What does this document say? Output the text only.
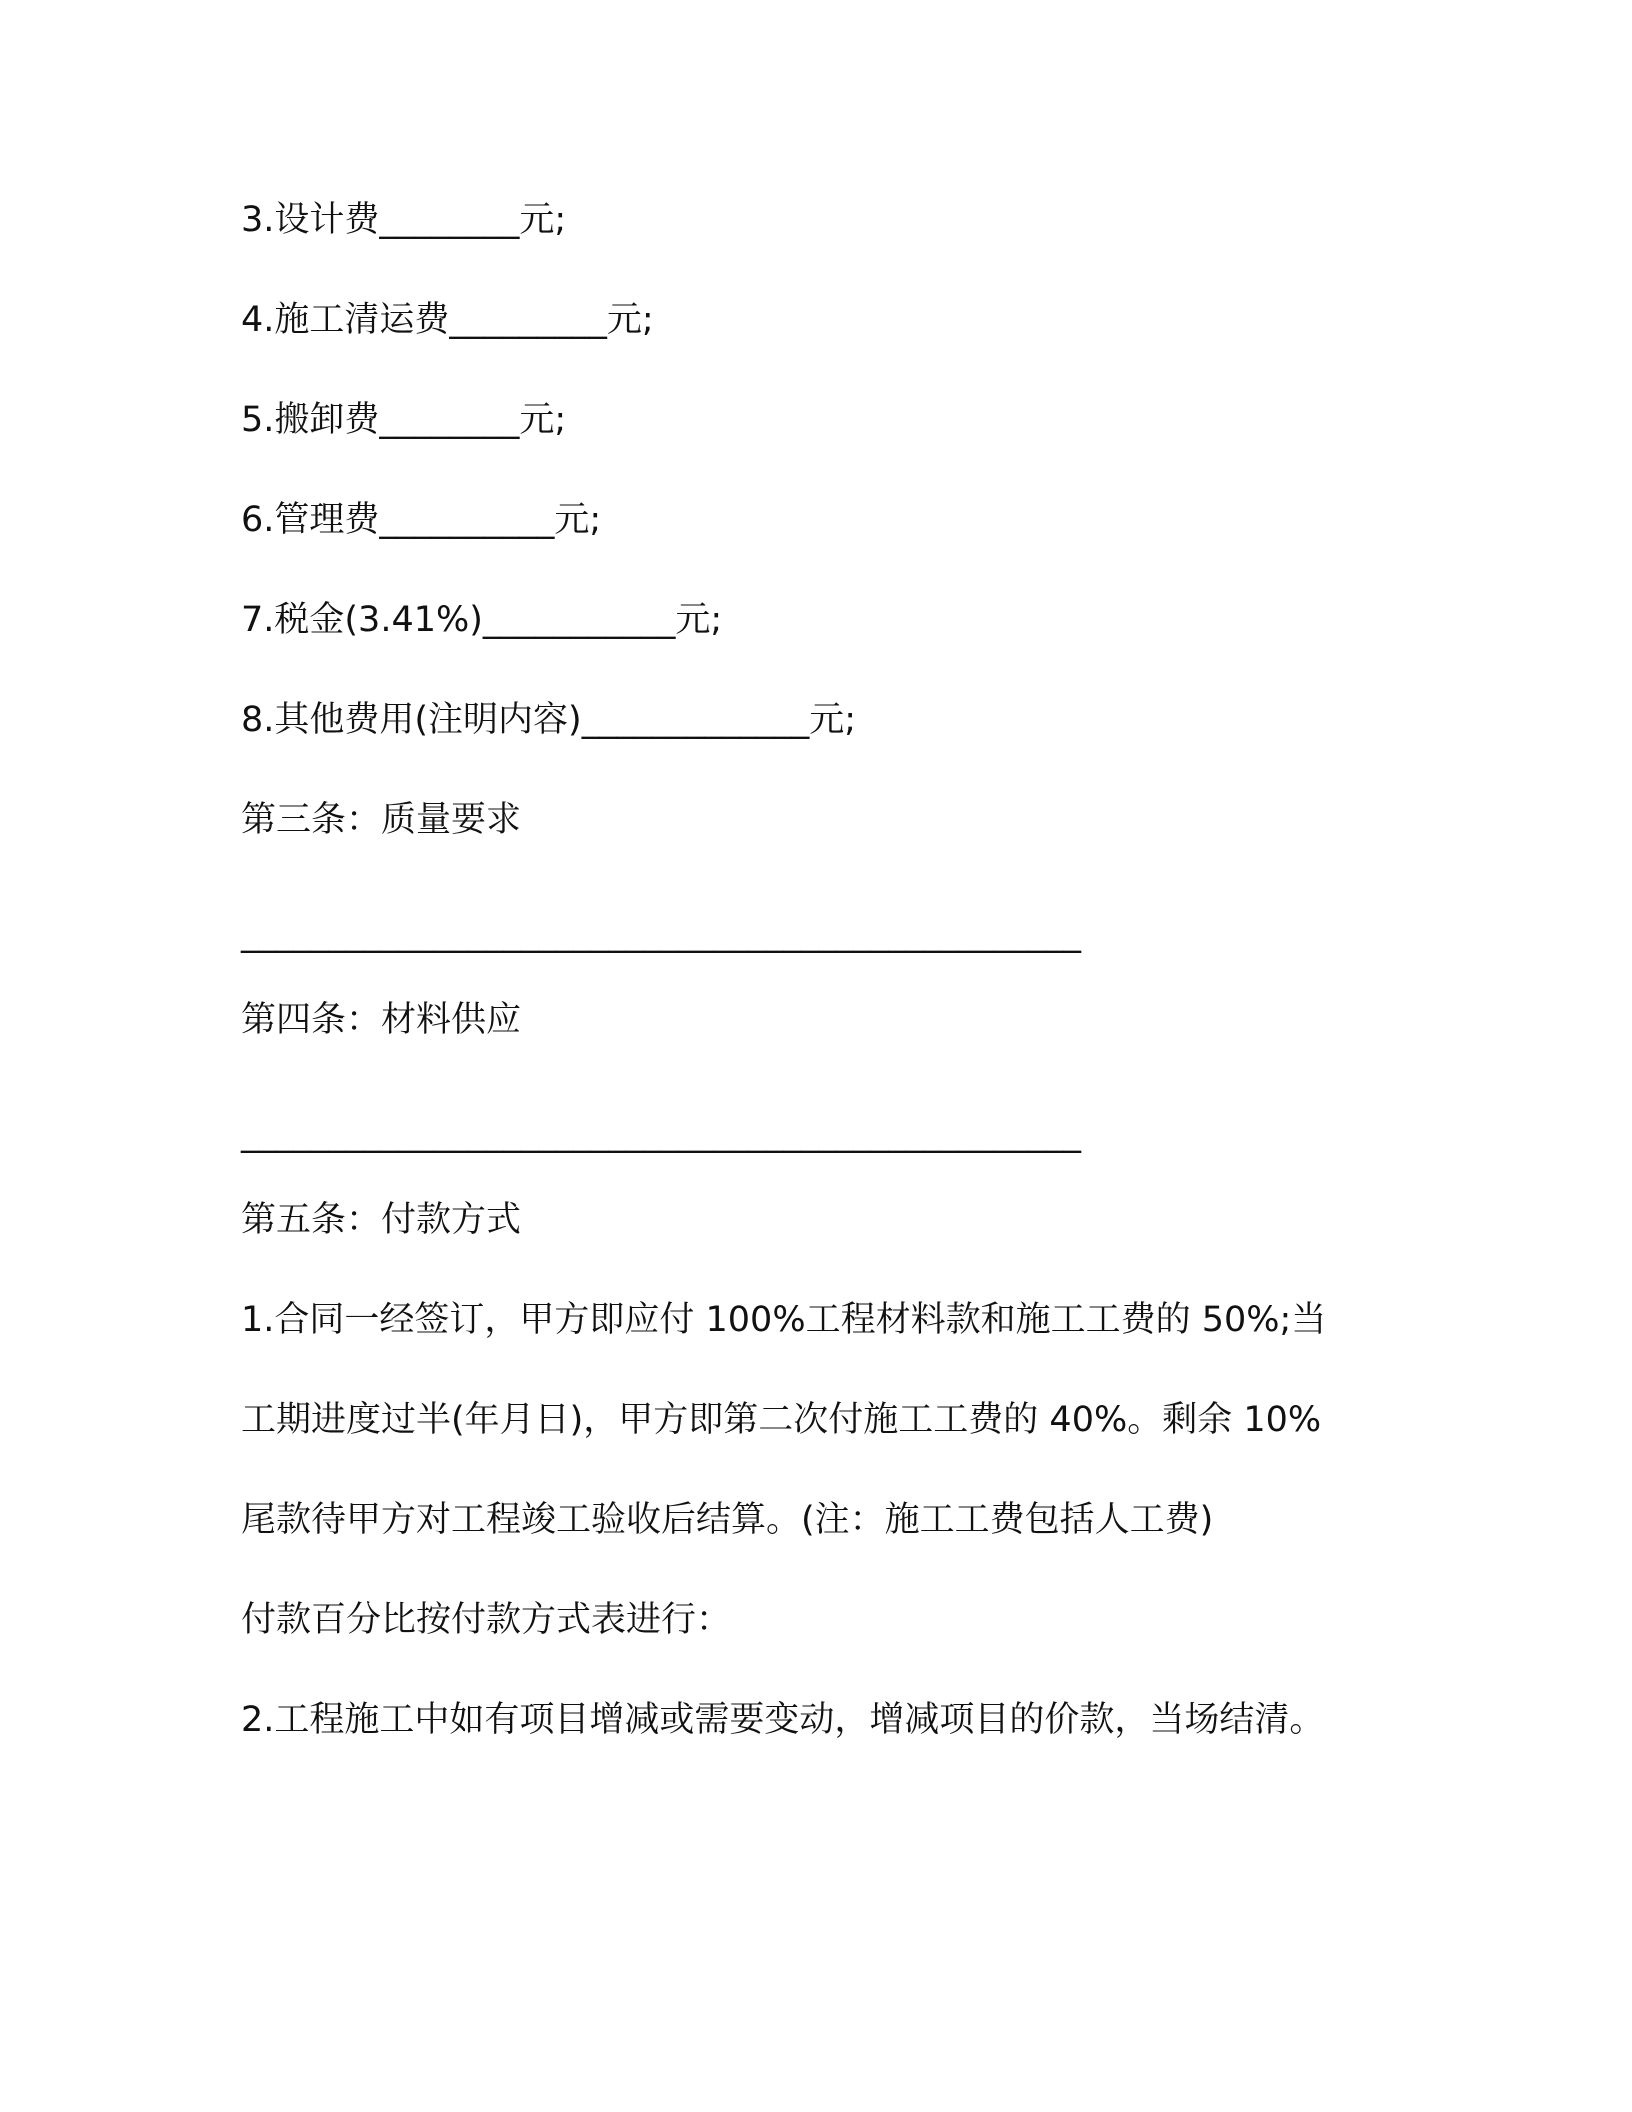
3.设计费________元;
4.施工清运费_________元;
5.搬卸费________元;
6.管理费__________元;
7.税金(3.41%)___________元;
8.其他费用(注明内容)_____________元;
第三条：质量要求
________________________________________________
第四条：材料供应
________________________________________________
第五条：付款方式
1.合同一经签订，甲方即应付 100%工程材料款和施工工费的 50%;当
工期进度过半(年月日)，甲方即第二次付施工工费的 40%。剩余 10%
尾款待甲方对工程竣工验收后结算。(注：施工工费包括人工费)
付款百分比按付款方式表进行：
2.工程施工中如有项目增减或需要变动，增减项目的价款，当场结清。
